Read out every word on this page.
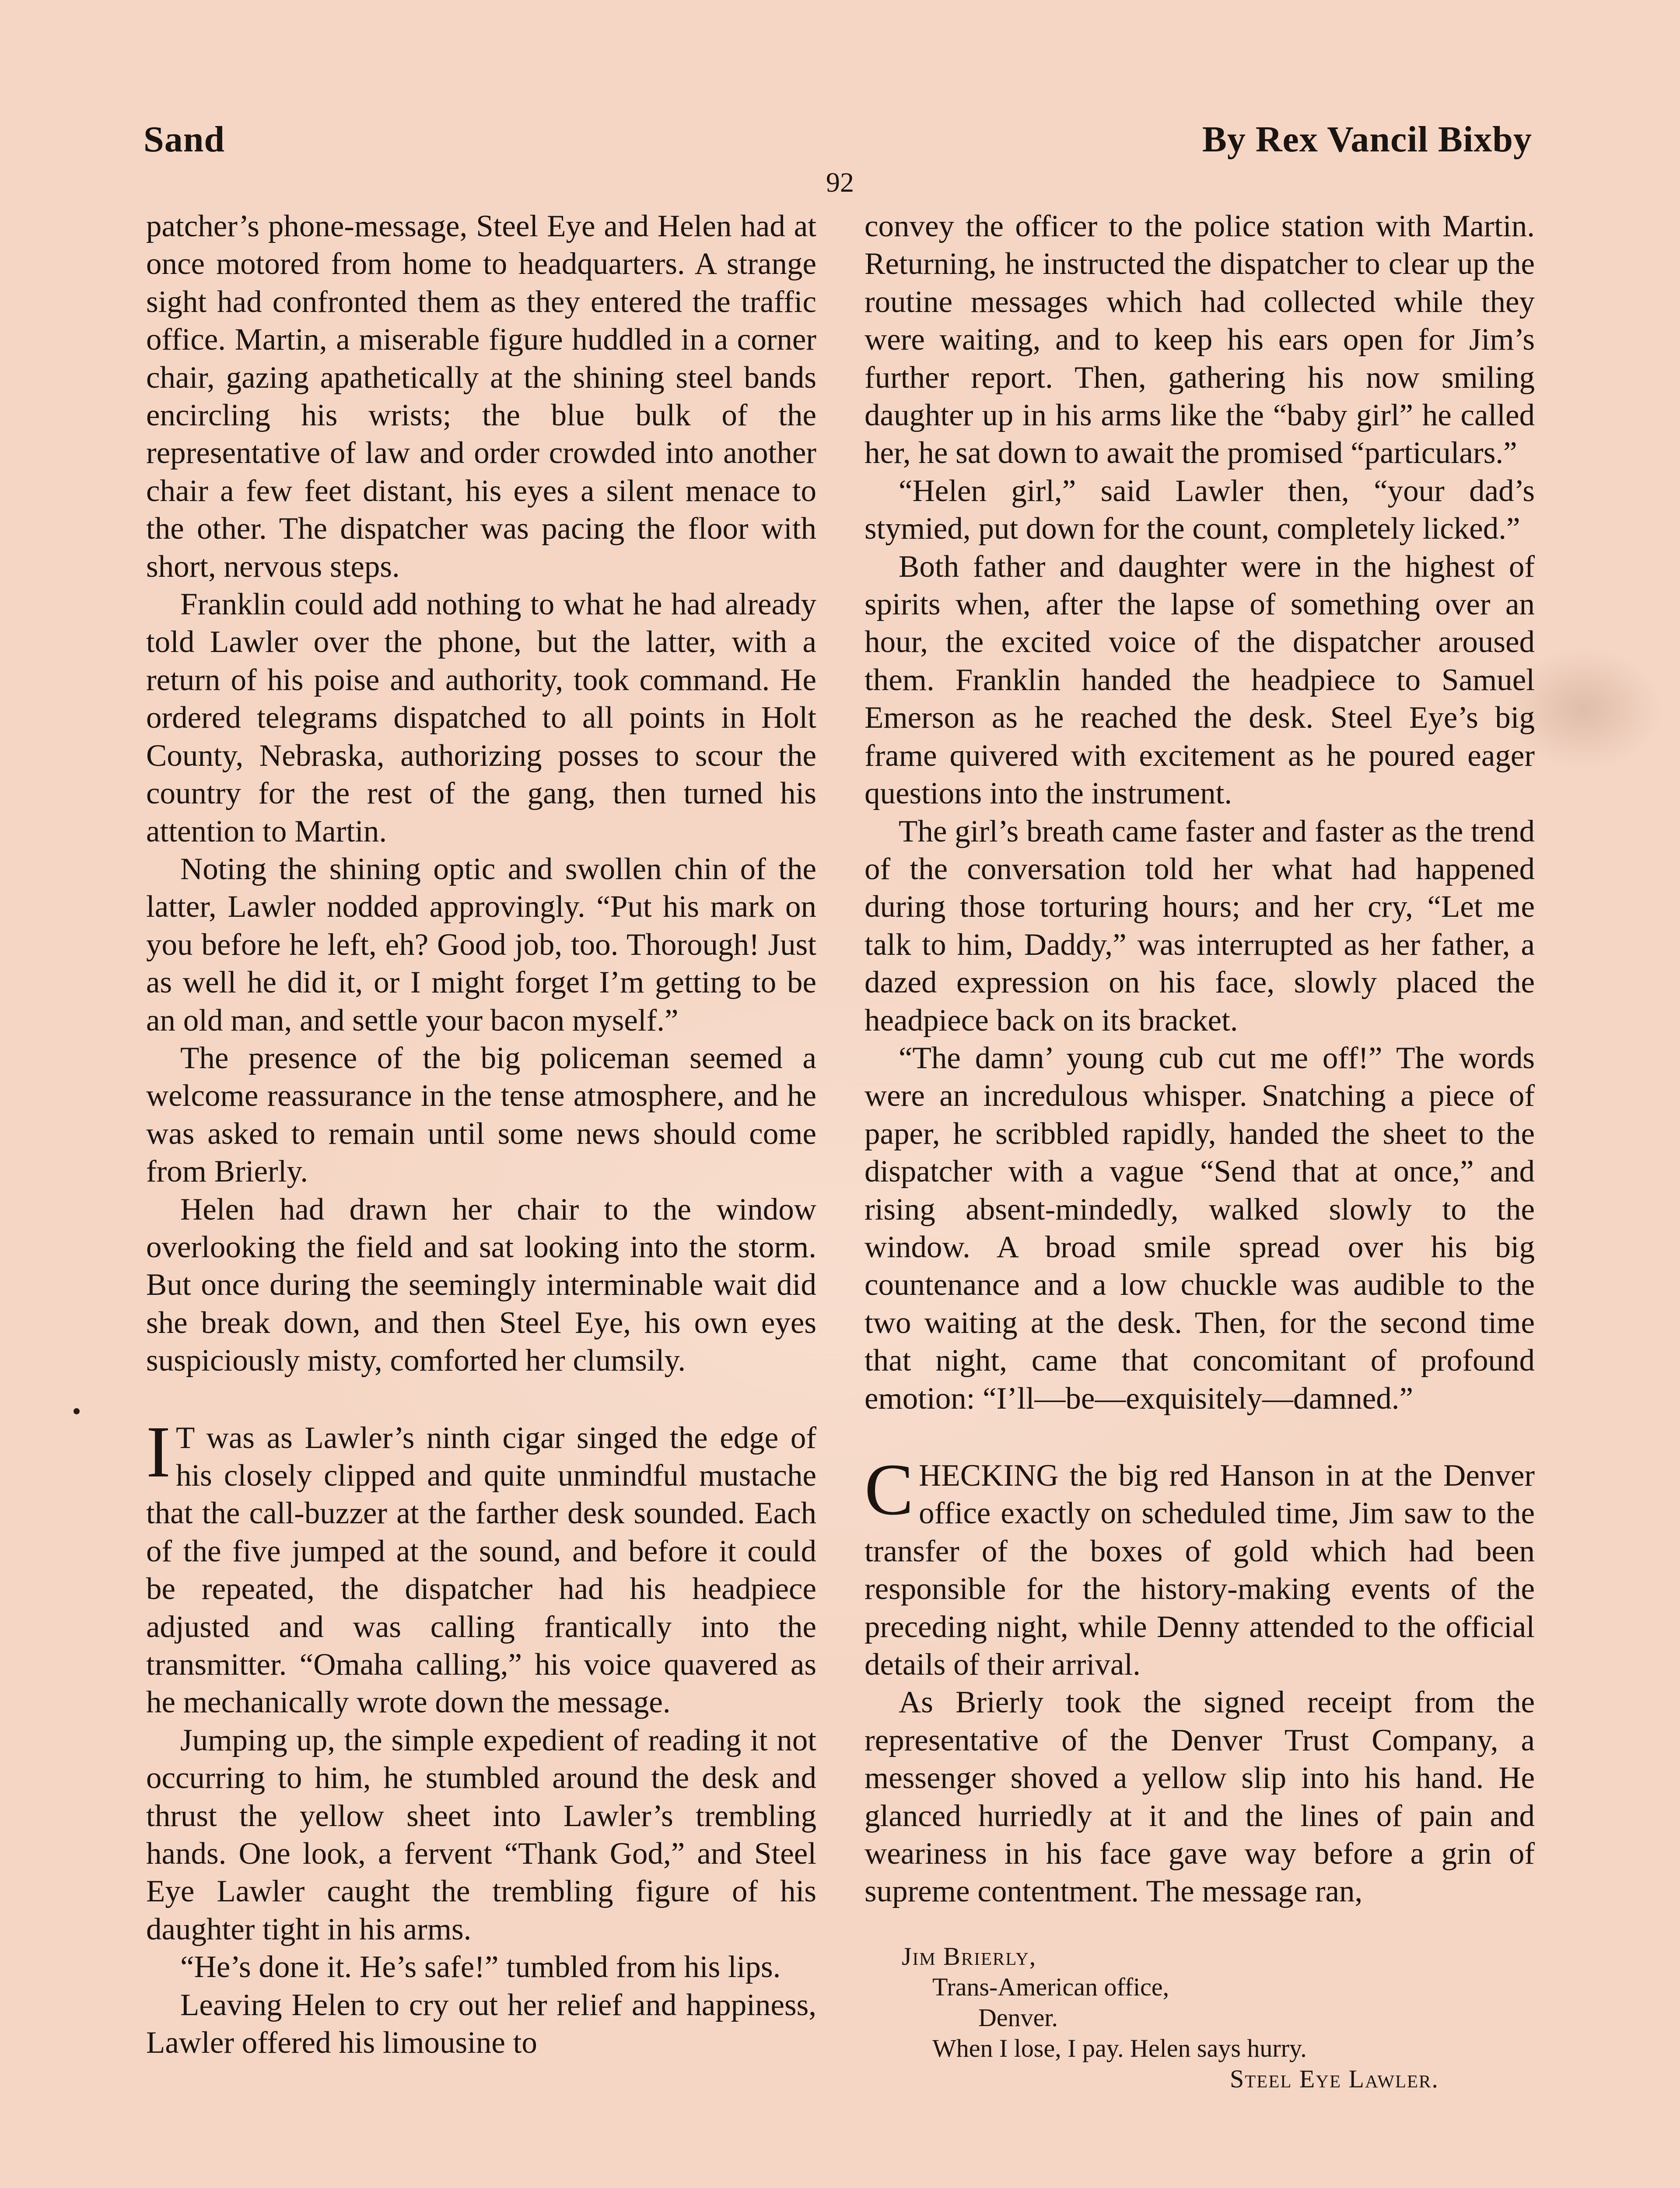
Sand	By Rex Vancil Bixby
92

patcher’s phone-message, Steel Eye and Helen had at once motored from home to headquarters. A strange sight had confronted them as they entered the traffic office. Martin, a miserable figure huddled in a corner chair, gazing apathetically at the shining steel bands encircling his wrists; the blue bulk of the representative of law and order crowded into another chair a few feet distant, his eyes a silent menace to the other. The dispatcher was pacing the floor with short, nervous steps.

Franklin could add nothing to what he had already told Lawler over the phone, but the latter, with a return of his poise and authority, took command. He ordered telegrams dispatched to all points in Holt County, Nebraska, authorizing posses to scour the country for the rest of the gang, then turned his attention to Martin.

Noting the shining optic and swollen chin of the latter, Lawler nodded approvingly. “Put his mark on you before he left, eh? Good job, too. Thorough! Just as well he did it, or I might forget I’m getting to be an old man, and settle your bacon myself.”

The presence of the big policeman seemed a welcome reassurance in the tense atmosphere, and he was asked to remain until some news should come from Brierly.

Helen had drawn her chair to the window overlooking the field and sat looking into the storm. But once during the seemingly interminable wait did she break down, and then Steel Eye, his own eyes suspiciously misty, comforted her clumsily.

I T was as Lawler’s ninth cigar singed the edge of his closely clipped and quite unmindful mustache that the call-buzzer at the farther desk sounded. Each of the five jumped at the sound, and before it could be repeated, the dispatcher had his headpiece adjusted and was calling frantically into the transmitter. “Omaha calling,” his voice quavered as he mechanically wrote down the message.

Jumping up, the simple expedient of reading it not occurring to him, he stumbled around the desk and thrust the yellow sheet into Lawler’s trembling hands. One look, a fervent “Thank God,” and Steel Eye Lawler caught the trembling figure of his daughter tight in his arms.

“He’s done it. He’s safe!” tumbled from his lips.

Leaving Helen to cry out her relief and happiness, Lawler offered his limousine to

convey the officer to the police station with Martin. Returning, he instructed the dispatcher to clear up the routine messages which had collected while they were waiting, and to keep his ears open for Jim’s further report. Then, gathering his now smiling daughter up in his arms like the “baby girl” he called her, he sat down to await the promised “particulars.”

“Helen girl,” said Lawler then, “your dad’s stymied, put down for the count, completely licked.”

Both father and daughter were in the highest of spirits when, after the lapse of something over an hour, the excited voice of the dispatcher aroused them. Franklin handed the headpiece to Samuel Emerson as he reached the desk. Steel Eye’s big frame quivered with excitement as he poured eager questions into the instrument.

The girl’s breath came faster and faster as the trend of the conversation told her what had happened during those torturing hours; and her cry, “Let me talk to him, Daddy,” was interrupted as her father, a dazed expression on his face, slowly placed the headpiece back on its bracket.

“The damn’ young cub cut me off!” The words were an incredulous whisper. Snatching a piece of paper, he scribbled rapidly, handed the sheet to the dispatcher with a vague “Send that at once,” and rising absent-mindedly, walked slowly to the window. A broad smile spread over his big countenance and a low chuckle was audible to the two waiting at the desk. Then, for the second time that night, came that concomitant of profound emotion: “I’ll—be—exquisitely—damned.”

CHECKING the big red Hanson in at the Denver office exactly on scheduled time, Jim saw to the transfer of the boxes of gold which had been responsible for the history-making events of the preceding night, while Denny attended to the official details of their arrival.

As Brierly took the signed receipt from the representative of the Denver Trust Company, a messenger shoved a yellow slip into his hand. He glanced hurriedly at it and the lines of pain and weariness in his face gave way before a grin of supreme contentment. The message ran,

Jim Brierly,
Trans-American office,
Denver.
When I lose, I pay. Helen says hurry.
Steel Eye Lawler.
